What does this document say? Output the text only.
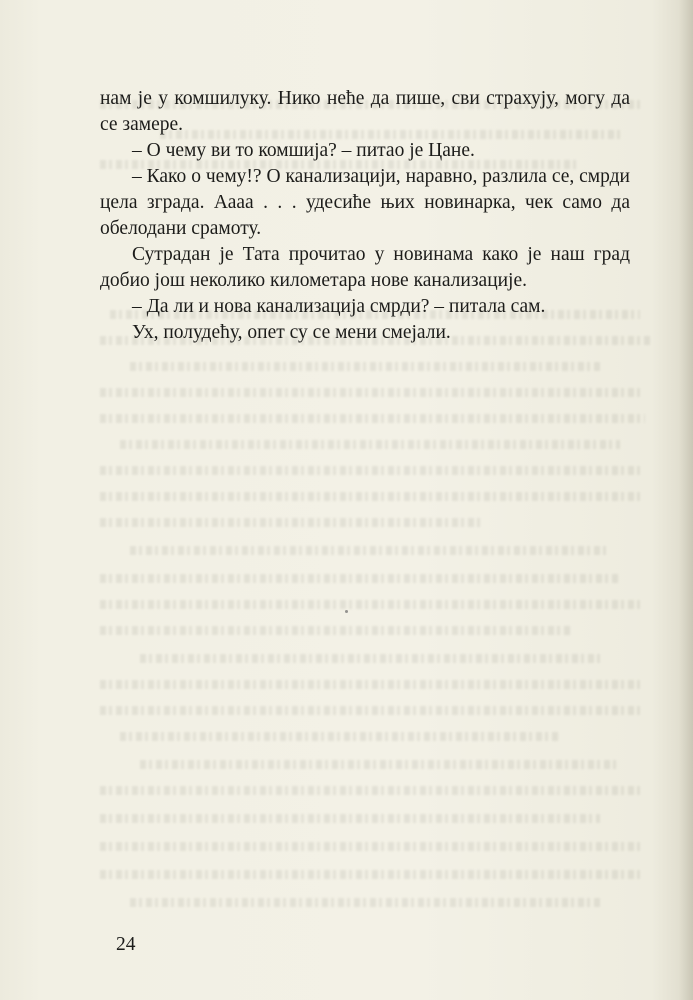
нам је у комшилуку. Нико неће да пише, сви страхују, могу да се замере.

– О чему ви то комшија? – питао је Цане.

– Како о чему!? О канализацији, наравно, разлила се, смрди цела зграда. Аааа . . . удесиће њих новинарка, чек само да обелодани срамоту.

Сутрадан је Тата прочитао у новинама како је наш град добио још неколико километара нове канализације.

– Да ли и нова канализација смрди? – питала сам.

Ух, полудећу, опет су се мени смејали.

24
